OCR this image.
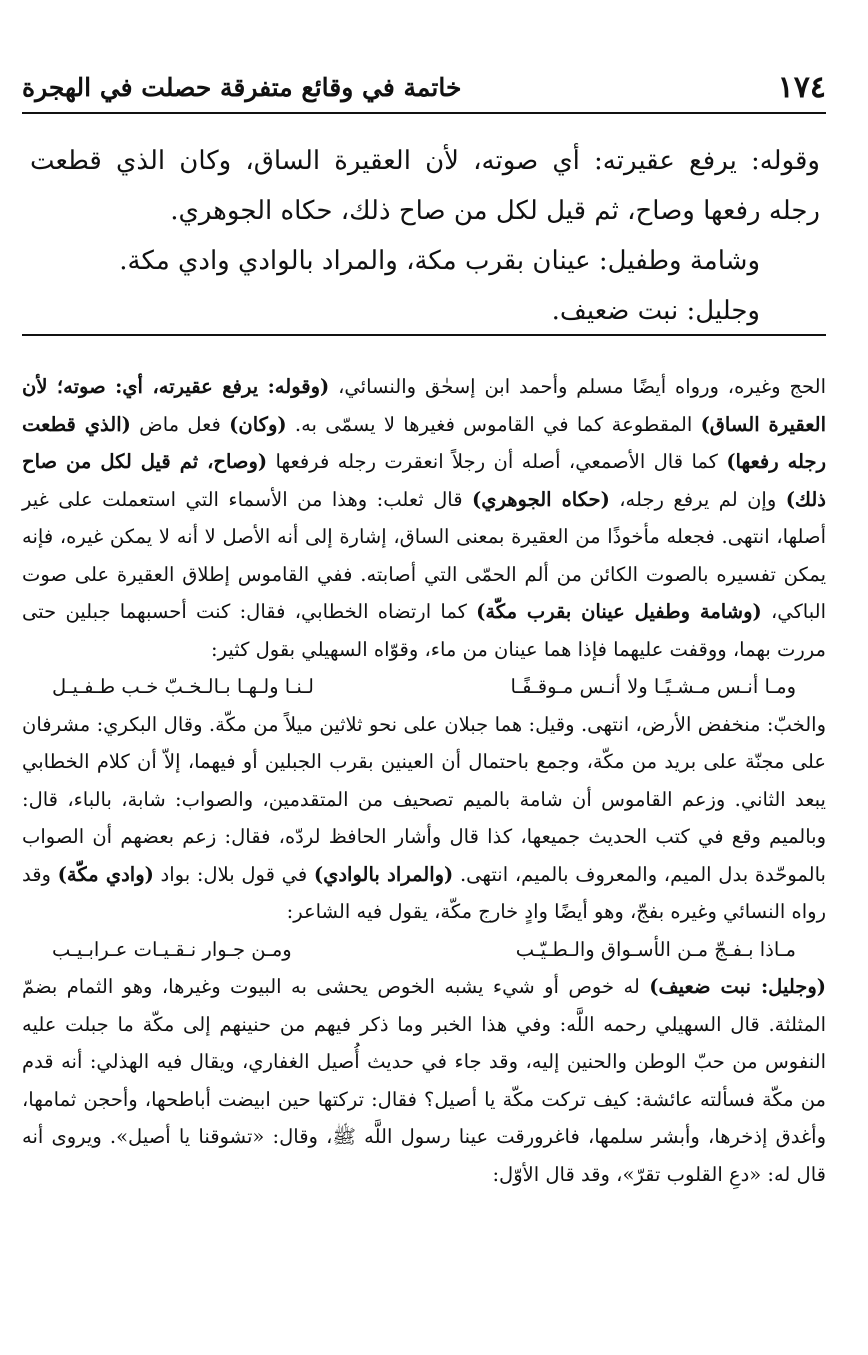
١٧٤
خاتمة في وقائع متفرقة حصلت في الهجرة

وقوله: يرفع عقيرته: أي صوته، لأن العقيرة الساق، وكان الذي قطعت رجله رفعها وصاح، ثم قيل لكل من صاح ذلك، حكاه الجوهري.

وشامة وطفيل: عينان بقرب مكة، والمراد بالوادي وادي مكة.

وجليل: نبت ضعيف.

الحج وغيره، ورواه أيضًا مسلم وأحمد ابن إسحٰق والنسائي، (وقوله: يرفع عقيرته، أي: صوته؛ لأن العقيرة الساق) المقطوعة كما في القاموس فغيرها لا يسمّى به. (وكان) فعل ماض (الذي قطعت رجله رفعها) كما قال الأصمعي، أصله أن رجلاً انعقرت رجله فرفعها (وصاح، ثم قيل لكل من صاح ذلك) وإن لم يرفع رجله، (حكاه الجوهري) قال ثعلب: وهذا من الأسماء التي استعملت على غير أصلها، انتهى. فجعله مأخوذًا من العقيرة بمعنى الساق، إشارة إلى أنه الأصل لا أنه لا يمكن غيره، فإنه يمكن تفسيره بالصوت الكائن من ألم الحمّى التي أصابته. ففي القاموس إطلاق العقيرة على صوت الباكي، (وشامة وطفيل عينان بقرب مكّة) كما ارتضاه الخطابي، فقال: كنت أحسبهما جبلين حتى مررت بهما، ووقفت عليهما فإذا هما عينان من ماء، وقوّاه السهيلي بقول كثير:

ومـا أنـس مـشـيًـا ولا أنـس مـوقـفًـا
لـنـا ولـهـا بـالـخـبّ خـب طـفـيـل

والخبّ: منخفض الأرض، انتهى. وقيل: هما جبلان على نحو ثلاثين ميلاً من مكّة. وقال البكري: مشرفان على مجنّة على بريد من مكّة، وجمع باحتمال أن العينين بقرب الجبلين أو فيهما، إلاّ أن كلام الخطابي يبعد الثاني. وزعم القاموس أن شامة بالميم تصحيف من المتقدمين، والصواب: شابة، بالباء، قال: وبالميم وقع في كتب الحديث جميعها، كذا قال وأشار الحافظ لردّه، فقال: زعم بعضهم أن الصواب بالموحّدة بدل الميم، والمعروف بالميم، انتهى. (والمراد بالوادي) في قول بلال: بواد (وادي مكّة) وقد رواه النسائي وغيره بفجّ، وهو أيضًا وادٍ خارج مكّة، يقول فيه الشاعر:

مـاذا بـفـجّ مـن الأسـواق والـطـيّـب
ومـن جـوار نـقـيـات عـرابـيـب

(وجليل: نبت ضعيف) له خوص أو شيء يشبه الخوص يحشى به البيوت وغيرها، وهو الثمام بضمّ المثلثة. قال السهيلي رحمه اللَّه: وفي هذا الخبر وما ذكر فيهم من حنينهم إلى مكّة ما جبلت عليه النفوس من حبّ الوطن والحنين إليه، وقد جاء في حديث أُصيل الغفاري، ويقال فيه الهذلي: أنه قدم من مكّة فسألته عائشة: كيف تركت مكّة يا أصيل؟ فقال: تركتها حين ابيضت أباطحها، وأحجن ثمامها، وأغدق إذخرها، وأبشر سلمها، فاغرورقت عينا رسول اللَّه ﷺ، وقال: «تشوقنا يا أصيل». ويروى أنه قال له: «دعِ القلوب تقرّ»، وقد قال الأوّل:
